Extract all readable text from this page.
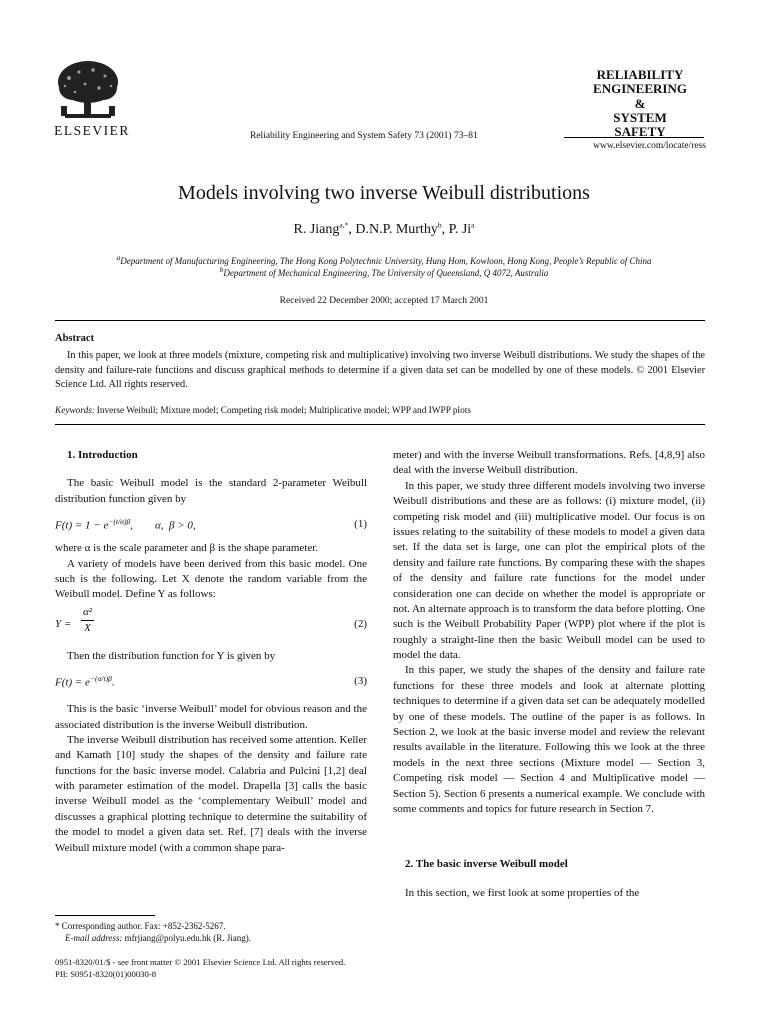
ELSEVIER	Reliability Engineering and System Safety 73 (2001) 73–81
RELIABILITY
ENGINEERING
&
SYSTEM
SAFETY
www.elsevier.com/locate/ress
Models involving two inverse Weibull distributions
R. Jiang$^{a,*}$, D.N.P. Murthy$^b$, P. Ji$^a$
$^a$Department of Manufacturing Engineering, The Hong Kong Polytechnic University, Hung Hom, Kowloon, Hong Kong, People’s Republic of China
$^b$Department of Mechanical Engineering, The University of Queensland, Q 4072, Australia
Received 22 December 2000; accepted 17 March 2001
Abstract
In this paper, we look at three models (mixture, competing risk and multiplicative) involving two inverse Weibull distributions. We study the shapes of the density and failure-rate functions and discuss graphical methods to determine if a given data set can be modelled by one of these models. © 2001 Elsevier Science Ltd. All rights reserved.
Keywords: Inverse Weibull; Mixture model; Competing risk model; Multiplicative model; WPP and IWPP plots

1. Introduction

The basic Weibull model is the standard 2-parameter Weibull distribution function given by

$F(t) = 1 - e^{-(t/\alpha)\beta}$,        α,  β > 0,	(1)

where α is the scale parameter and β is the shape parameter.

A variety of models have been derived from this basic model. One such is the following. Let X denote the random variable from the Weibull model. Define Y as follows:

$Y = \frac{\text{α²}}{X}$	(2)

Then the distribution function for Y is given by

$F(t) = e^{-(\alpha/t)\beta}$.	(3)

This is the basic ‘inverse Weibull’ model for obvious reason and the associated distribution is the inverse Weibull distribution.

The inverse Weibull distribution has received some attention. Keller and Kamath [10] study the shapes of the density and failure rate functions for the basic inverse model. Calabria and Pulcini [1,2] deal with parameter estimation of the model. Drapella [3] calls the basic inverse Weibull model as the ‘complementary Weibull’ model and discusses a graphical plotting technique to determine the suitability of the model to model a given data set. Ref. [7] deals with the inverse Weibull mixture model (with a common shape para-

meter) and with the inverse Weibull transformations. Refs. [4,8,9] also deal with the inverse Weibull distribution.

In this paper, we study three different models involving two inverse Weibull distributions and these are as follows: (i) mixture model, (ii) competing risk model and (iii) multiplicative model. Our focus is on issues relating to the suitability of these models to model a given data set. If the data set is large, one can plot the empirical plots of the density and failure rate functions. By comparing these with the shapes of the density and failure rate functions for the model under consideration one can decide on whether the model is appropriate or not. An alternate approach is to transform the data before plotting. One such is the Weibull Probability Paper (WPP) plot where if the plot is roughly a straight-line then the basic Weibull model can be used to model the data.

In this paper, we study the shapes of the density and failure rate functions for these three models and look at alternate plotting techniques to determine if a given data set can be adequately modelled by one of these models. The outline of the paper is as follows. In Section 2, we look at the basic inverse model and review the relevant results available in the literature. Following this we look at the three models in the next three sections (Mixture model — Section 3, Competing risk model — Section 4 and Multiplicative model — Section 5). Section 6 presents a numerical example. We conclude with some comments and topics for future research in Section 7.

2. The basic inverse Weibull model

In this section, we first look at some properties of the

* Corresponding author. Fax: +852-2362-5267.
E-mail address: mfrjiang@polyu.edu.hk (R. Jiang).
0951-8320/01/$ - see front matter © 2001 Elsevier Science Ltd. All rights reserved.
PII: S0951-8320(01)00030-8
